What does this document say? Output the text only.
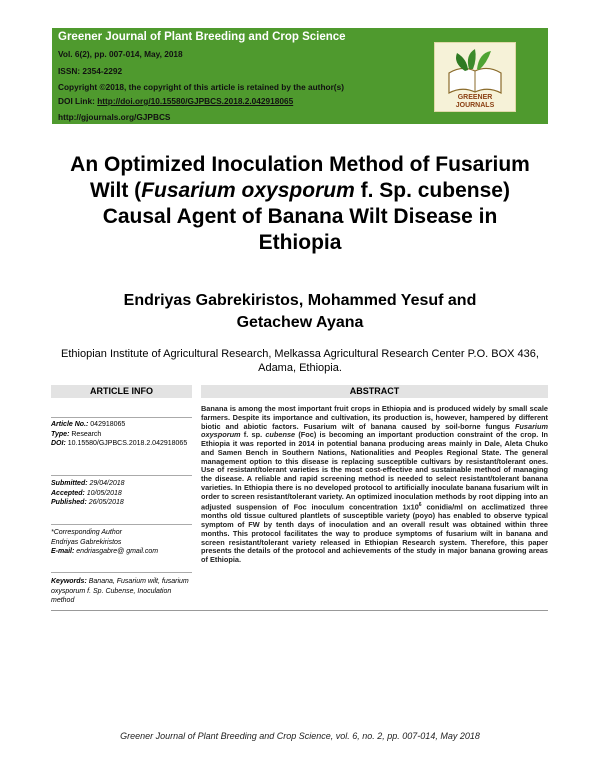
Greener Journal of Plant Breeding and Crop Science
Vol. 6(2), pp. 007-014, May, 2018
ISSN: 2354-2292
Copyright ©2018, the copyright of this article is retained by the author(s)
DOI Link: http://doi.org/10.15580/GJPBCS.2018.2.042918065
http://gjournals.org/GJPBCS
GREENER
JOURNALS
An Optimized Inoculation Method of Fusarium Wilt (Fusarium oxysporum f. Sp. cubense) Causal Agent of Banana Wilt Disease in Ethiopia
Endriyas Gabrekiristos, Mohammed Yesuf and
Getachew Ayana
Ethiopian Institute of Agricultural Research, Melkassa Agricultural Research Center P.O. BOX 436, Adama, Ethiopia.
ARTICLE INFO	ABSTRACT
Article No.: 042918065
Type: Research
DOI: 10.15580/GJPBCS.2018.2.042918065
Submitted: 29/04/2018
Accepted: 10/05/2018
Published: 26/05/2018
*Corresponding Author
Endriyas Gabrekiristos
E-mail: endriasgabre@ gmail.com
Keywords: Banana, Fusarium wilt, fusarium oxysporum f. Sp. Cubense, Inoculation method
Banana is among the most important fruit crops in Ethiopia and is produced widely by small scale farmers. Despite its importance and cultivation, its production is, however, hampered by different biotic and abiotic factors. Fusarium wilt of banana caused by soil-borne fungus Fusarium oxysporum f. sp. cubense (Foc) is becoming an important production constraint of the crop. In Ethiopia it was reported in 2014 in potential banana producing areas mainly in Dale, Aleta Chuko and Samen Bench in Southern Nations, Nationalities and Peoples Regional State. The general management option to this disease is replacing susceptible cultivars by resistant/tolerant ones. Use of resistant/tolerant varieties is the most cost-effective and sustainable method of managing the disease. A reliable and rapid screening method is needed to select resistant/tolerant banana varieties. In Ethiopia there is no developed protocol to artificially inoculate banana fusarium wilt in order to screen resistant/tolerant variety. An optimized inoculation methods by root dipping into an adjusted suspension of Foc inoculum concentration $1x10^6$ conidia/ml on acclimatized three months old tissue cultured plantlets of susceptible variety (poyo) has enabled to observe typical symptom of FW by tenth days of inoculation and an overall result was obtained within three months. This protocol facilitates the way to produce symptoms of fusarium wilt in banana and screen resistant/tolerant variety released in Ethiopian Research system. Therefore, this paper presents the details of the protocol and achievements of the study in major banana growing areas of Ethiopia.
Greener Journal of Plant Breeding and Crop Science, vol. 6, no. 2, pp. 007-014, May 2018
